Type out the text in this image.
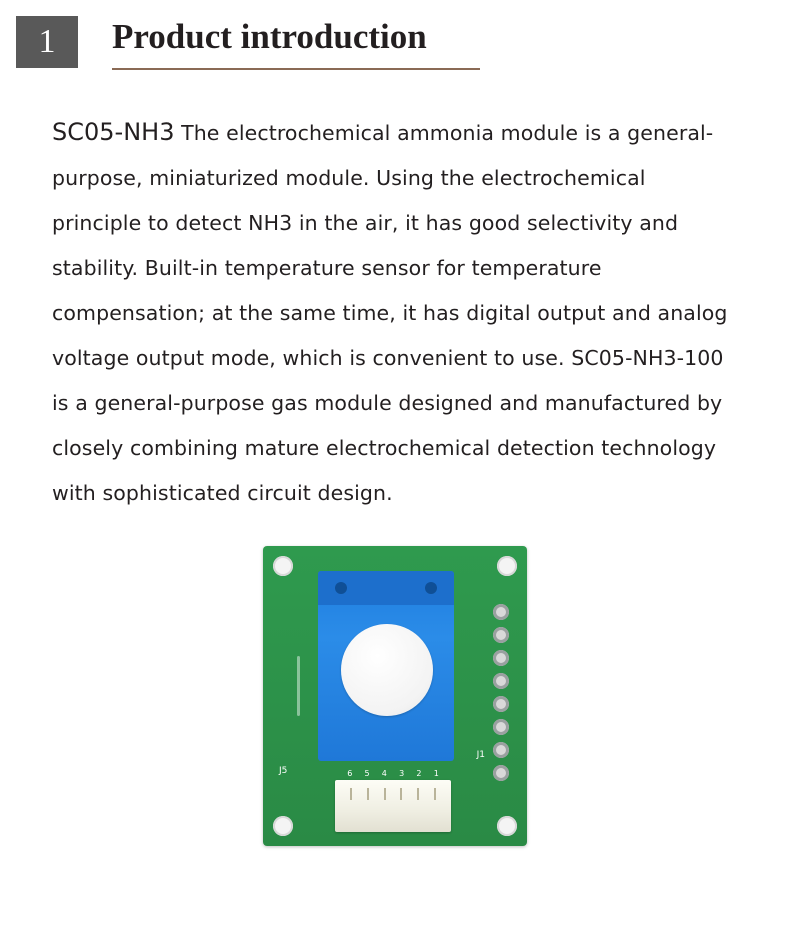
1	Product introduction
SC05-NH3 The electrochemical ammonia module is a general-purpose, miniaturized module. Using the electrochemical principle to detect NH3 in the air, it has good selectivity and stability. Built-in temperature sensor for temperature compensation; at the same time, it has digital output and analog voltage output mode, which is convenient to use. SC05-NH3-100 is a general-purpose gas module designed and manufactured by closely combining mature electrochemical detection technology with sophisticated circuit design.
J1
J5	6 5 4 3 2 1
